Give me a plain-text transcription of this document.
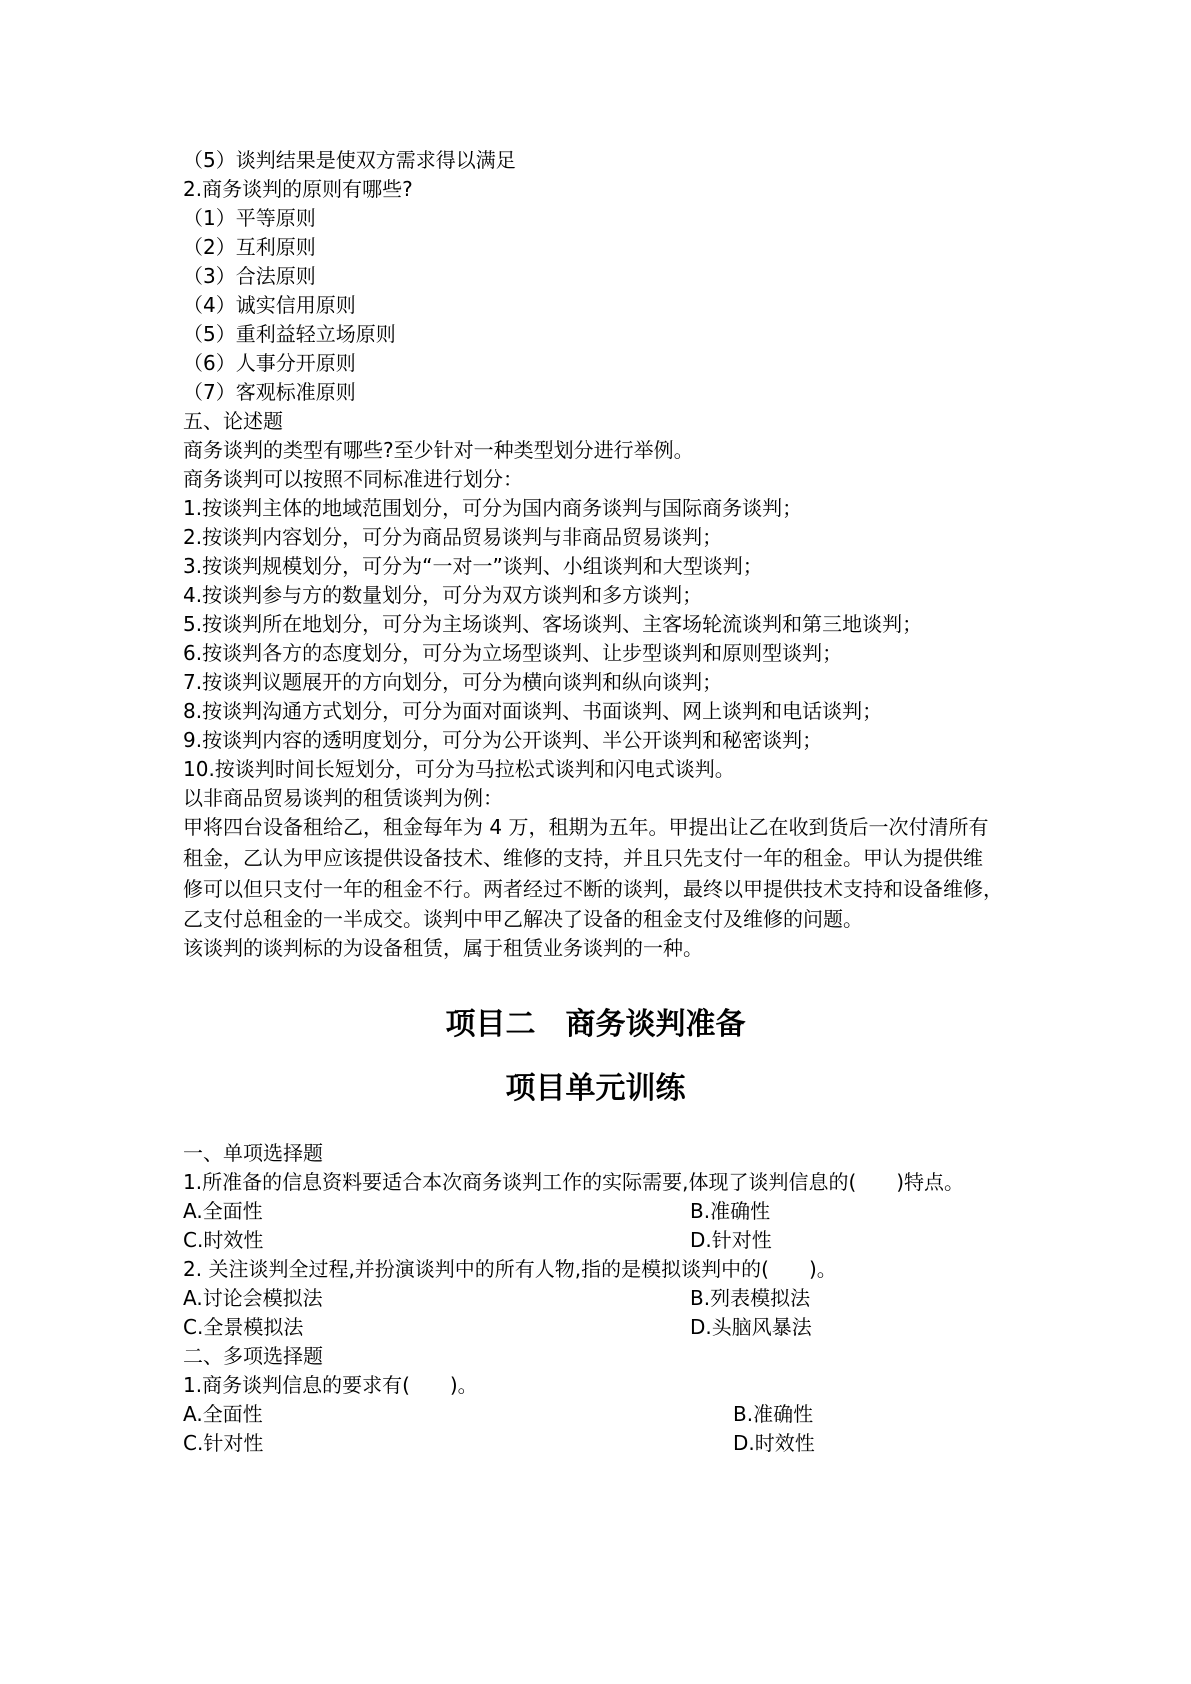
（5）谈判结果是使双方需求得以满足
2.商务谈判的原则有哪些?
（1）平等原则
（2）互利原则
（3）合法原则
（4）诚实信用原则
（5）重利益轻立场原则
（6）人事分开原则
（7）客观标准原则
五、论述题
商务谈判的类型有哪些?至少针对一种类型划分进行举例。
商务谈判可以按照不同标准进行划分：
1.按谈判主体的地域范围划分，可分为国内商务谈判与国际商务谈判；
2.按谈判内容划分，可分为商品贸易谈判与非商品贸易谈判；
3.按谈判规模划分，可分为“一对一”谈判、小组谈判和大型谈判；
4.按谈判参与方的数量划分，可分为双方谈判和多方谈判；
5.按谈判所在地划分，可分为主场谈判、客场谈判、主客场轮流谈判和第三地谈判；
6.按谈判各方的态度划分，可分为立场型谈判、让步型谈判和原则型谈判；
7.按谈判议题展开的方向划分，可分为横向谈判和纵向谈判；
8.按谈判沟通方式划分，可分为面对面谈判、书面谈判、网上谈判和电话谈判；
9.按谈判内容的透明度划分，可分为公开谈判、半公开谈判和秘密谈判；
10.按谈判时间长短划分，可分为马拉松式谈判和闪电式谈判。
以非商品贸易谈判的租赁谈判为例：
甲将四台设备租给乙，租金每年为 4 万，租期为五年。甲提出让乙在收到货后一次付清所有
租金，乙认为甲应该提供设备技术、维修的支持，并且只先支付一年的租金。甲认为提供维
修可以但只支付一年的租金不行。两者经过不断的谈判，最终以甲提供技术支持和设备维修，
乙支付总租金的一半成交。谈判中甲乙解决了设备的租金支付及维修的问题。
该谈判的谈判标的为设备租赁，属于租赁业务谈判的一种。
项目二　商务谈判准备
项目单元训练
一、单项选择题
1.所准备的信息资料要适合本次商务谈判工作的实际需要,体现了谈判信息的(　　)特点。
A.全面性	B.准确性
C.时效性	D.针对性
2. 关注谈判全过程,并扮演谈判中的所有人物,指的是模拟谈判中的(　　)。
A.讨论会模拟法	B.列表模拟法
C.全景模拟法	D.头脑风暴法
二、多项选择题
1.商务谈判信息的要求有(　　)。
A.全面性	B.准确性
C.针对性	D.时效性
